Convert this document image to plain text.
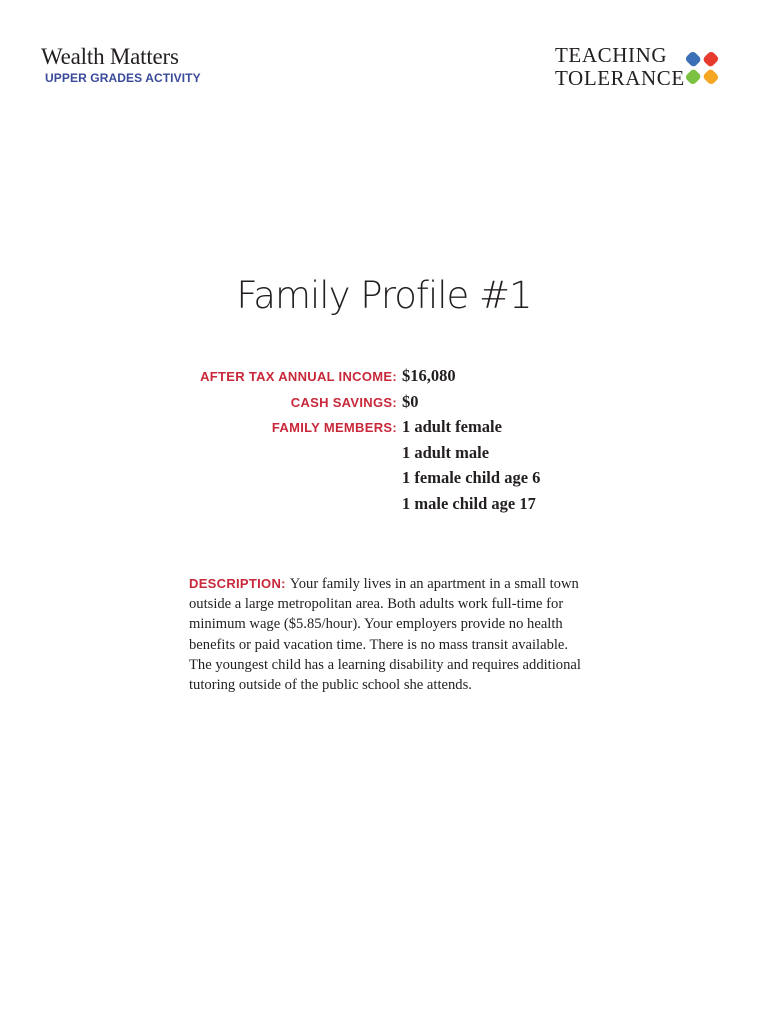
Wealth Matters
UPPER GRADES ACTIVITY
TEACHING
TOLERANCE
Family Profile #1
AFTER TAX ANNUAL INCOME: $16,080
CASH SAVINGS: $0
FAMILY MEMBERS: 1 adult female
1 adult male
1 female child age 6
1 male child age 17
DESCRIPTION: Your family lives in an apartment in a small town outside a large metropolitan area. Both adults work full-time for minimum wage ($5.85/hour). Your employers provide no health benefits or paid vacation time. There is no mass transit available. The youngest child has a learning disability and requires additional tutoring outside of the public school she attends.
